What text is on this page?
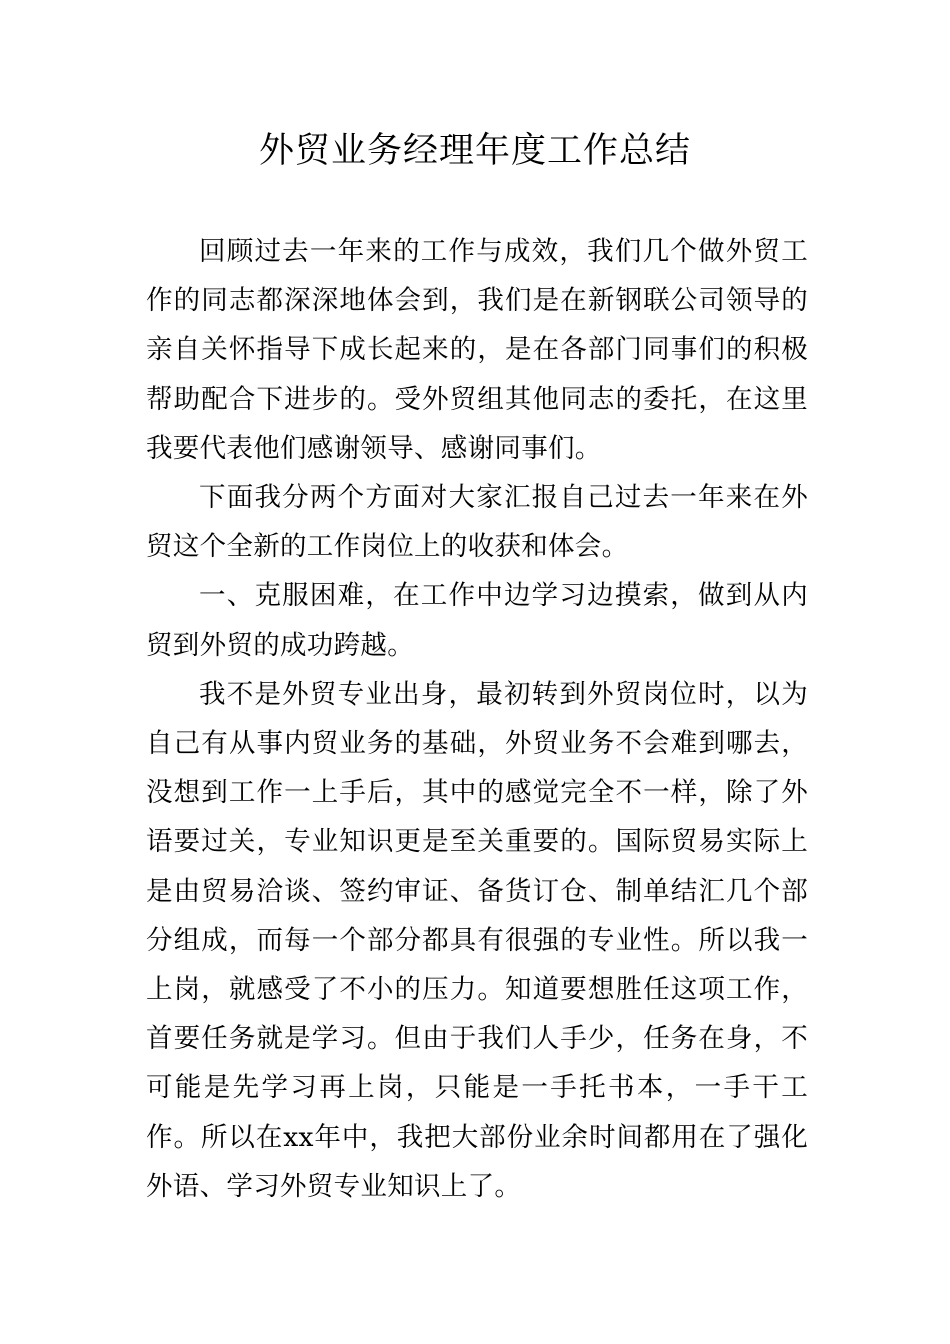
外贸业务经理年度工作总结

回顾过去一年来的工作与成效，我们几个做外贸工作的同志都深深地体会到，我们是在新钢联公司领导的亲自关怀指导下成长起来的，是在各部门同事们的积极帮助配合下进步的。受外贸组其他同志的委托，在这里我要代表他们感谢领导、感谢同事们。

下面我分两个方面对大家汇报自己过去一年来在外贸这个全新的工作岗位上的收获和体会。

一、克服困难，在工作中边学习边摸索，做到从内贸到外贸的成功跨越。

我不是外贸专业出身，最初转到外贸岗位时，以为自己有从事内贸业务的基础，外贸业务不会难到哪去，没想到工作一上手后，其中的感觉完全不一样，除了外语要过关，专业知识更是至关重要的。国际贸易实际上是由贸易洽谈、签约审证、备货订仓、制单结汇几个部分组成，而每一个部分都具有很强的专业性。所以我一上岗，就感受了不小的压力。知道要想胜任这项工作，首要任务就是学习。但由于我们人手少，任务在身，不可能是先学习再上岗，只能是一手托书本，一手干工作。所以在xx年中，我把大部份业余时间都用在了强化外语、学习外贸专业知识上了。
